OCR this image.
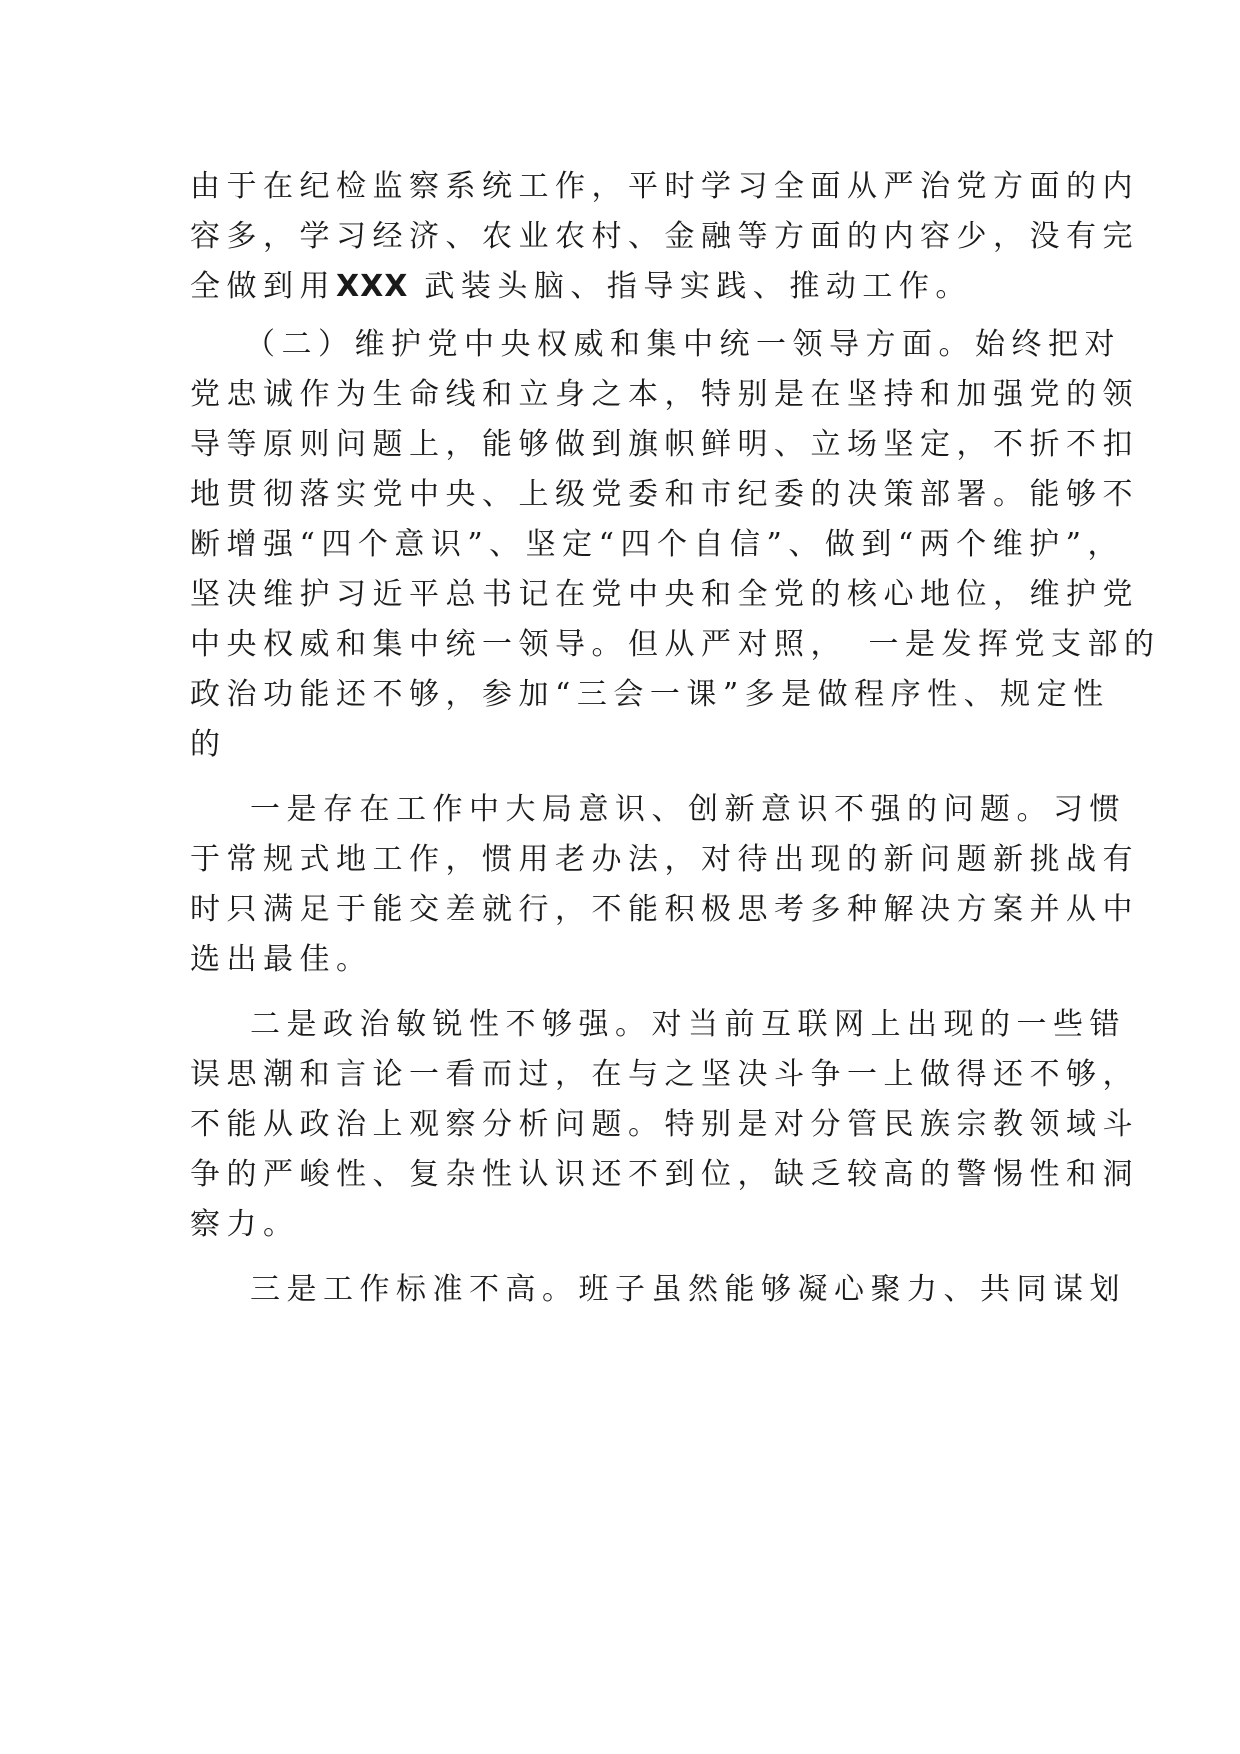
由于在纪检监察系统工作，平时学习全面从严治党方面的内
容多，学习经济、农业农村、金融等方面的内容少，没有完
全做到用XXX 武装头脑、指导实践、推动工作。
（二）维护党中央权威和集中统一领导方面。始终把对
党忠诚作为生命线和立身之本，特别是在坚持和加强党的领
导等原则问题上，能够做到旗帜鲜明、立场坚定，不折不扣
地贯彻落实党中央、上级党委和市纪委的决策部署。能够不
断增强“四个意识”、坚定“四个自信”、做到“两个维护”，
坚决维护习近平总书记在党中央和全党的核心地位，维护党
中央权威和集中统一领导。但从严对照，　一是发挥党支部的
政治功能还不够，参加“三会一课”多是做程序性、规定性
的
一是存在工作中大局意识、创新意识不强的问题。习惯
于常规式地工作，惯用老办法，对待出现的新问题新挑战有
时只满足于能交差就行，不能积极思考多种解决方案并从中
选出最佳。
二是政治敏锐性不够强。对当前互联网上出现的一些错
误思潮和言论一看而过，在与之坚决斗争一上做得还不够，
不能从政治上观察分析问题。特别是对分管民族宗教领域斗
争的严峻性、复杂性认识还不到位，缺乏较高的警惕性和洞
察力。
三是工作标准不高。班子虽然能够凝心聚力、共同谋划
